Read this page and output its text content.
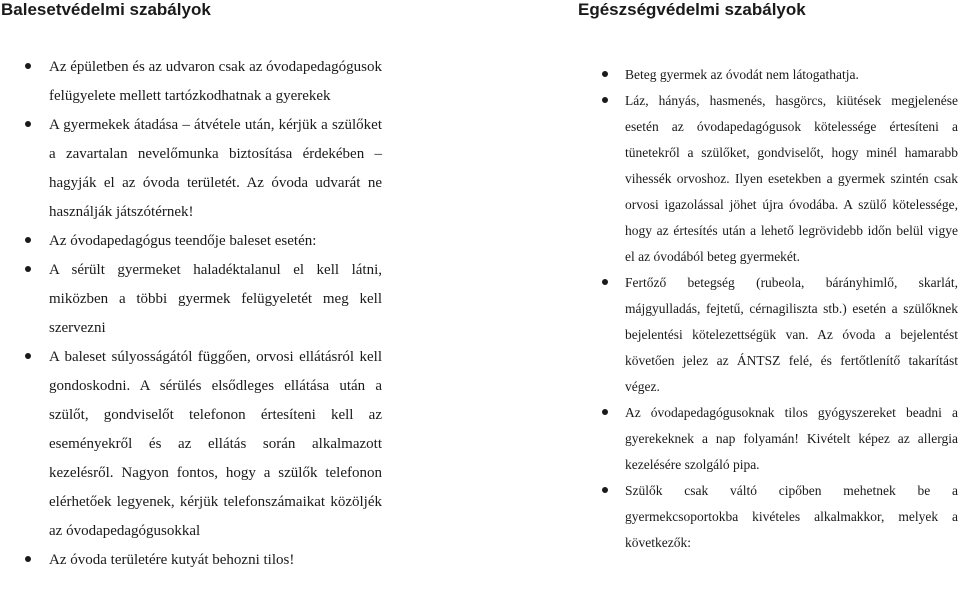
Balesetvédelmi szabályok
Az épületben és az udvaron csak az óvodapedagógusok felügyelete mellett tartózkodhatnak a gyerekek
A gyermekek átadása – átvétele után, kérjük a szülőket a zavartalan nevelőmunka biztosítása érdekében – hagyják el az óvoda területét. Az óvoda udvarát ne használják játszótérnek!
Az óvodapedagógus teendője baleset esetén:
A sérült gyermeket haladéktalanul el kell látni, miközben a többi gyermek felügyeletét meg kell szervezni
A baleset súlyosságától függően, orvosi ellátásról kell gondoskodni. A sérülés elsődleges ellátása után a szülőt, gondviselőt telefonon értesíteni kell az eseményekről és az ellátás során alkalmazott kezelésről. Nagyon fontos, hogy a szülők telefonon elérhetőek legyenek, kérjük telefonszámaikat közöljék az óvodapedagógusokkal
Az óvoda területére kutyát behozni tilos!
Egészségvédelmi szabályok
Beteg gyermek az óvodát nem látogathatja.
Láz, hányás, hasmenés, hasgörcs, kiütések megjelenése esetén az óvodapedagógusok kötelessége értesíteni a tünetekről a szülőket, gondviselőt, hogy minél hamarabb vihessék orvoshoz. Ilyen esetekben a gyermek szintén csak orvosi igazolással jöhet újra óvodába. A szülő kötelessége, hogy az értesítés után a lehető legrövidebb időn belül vigye el az óvodából beteg gyermekét.
Fertőző betegség (rubeola, bárányhimlő, skarlát, májgyulladás, fejtetű, cérnagiliszta stb.) esetén a szülőknek bejelentési kötelezettségük van. Az óvoda a bejelentést követően jelez az ÁNTSZ felé, és fertőtlenítő takarítást végez.
Az óvodapedagógusoknak tilos gyógyszereket beadni a gyerekeknek a nap folyamán! Kivételt képez az allergia kezelésére szolgáló pipa.
Szülők csak váltó cipőben mehetnek be a gyermekcsoportokba kivételes alkalmakkor, melyek a következők:
